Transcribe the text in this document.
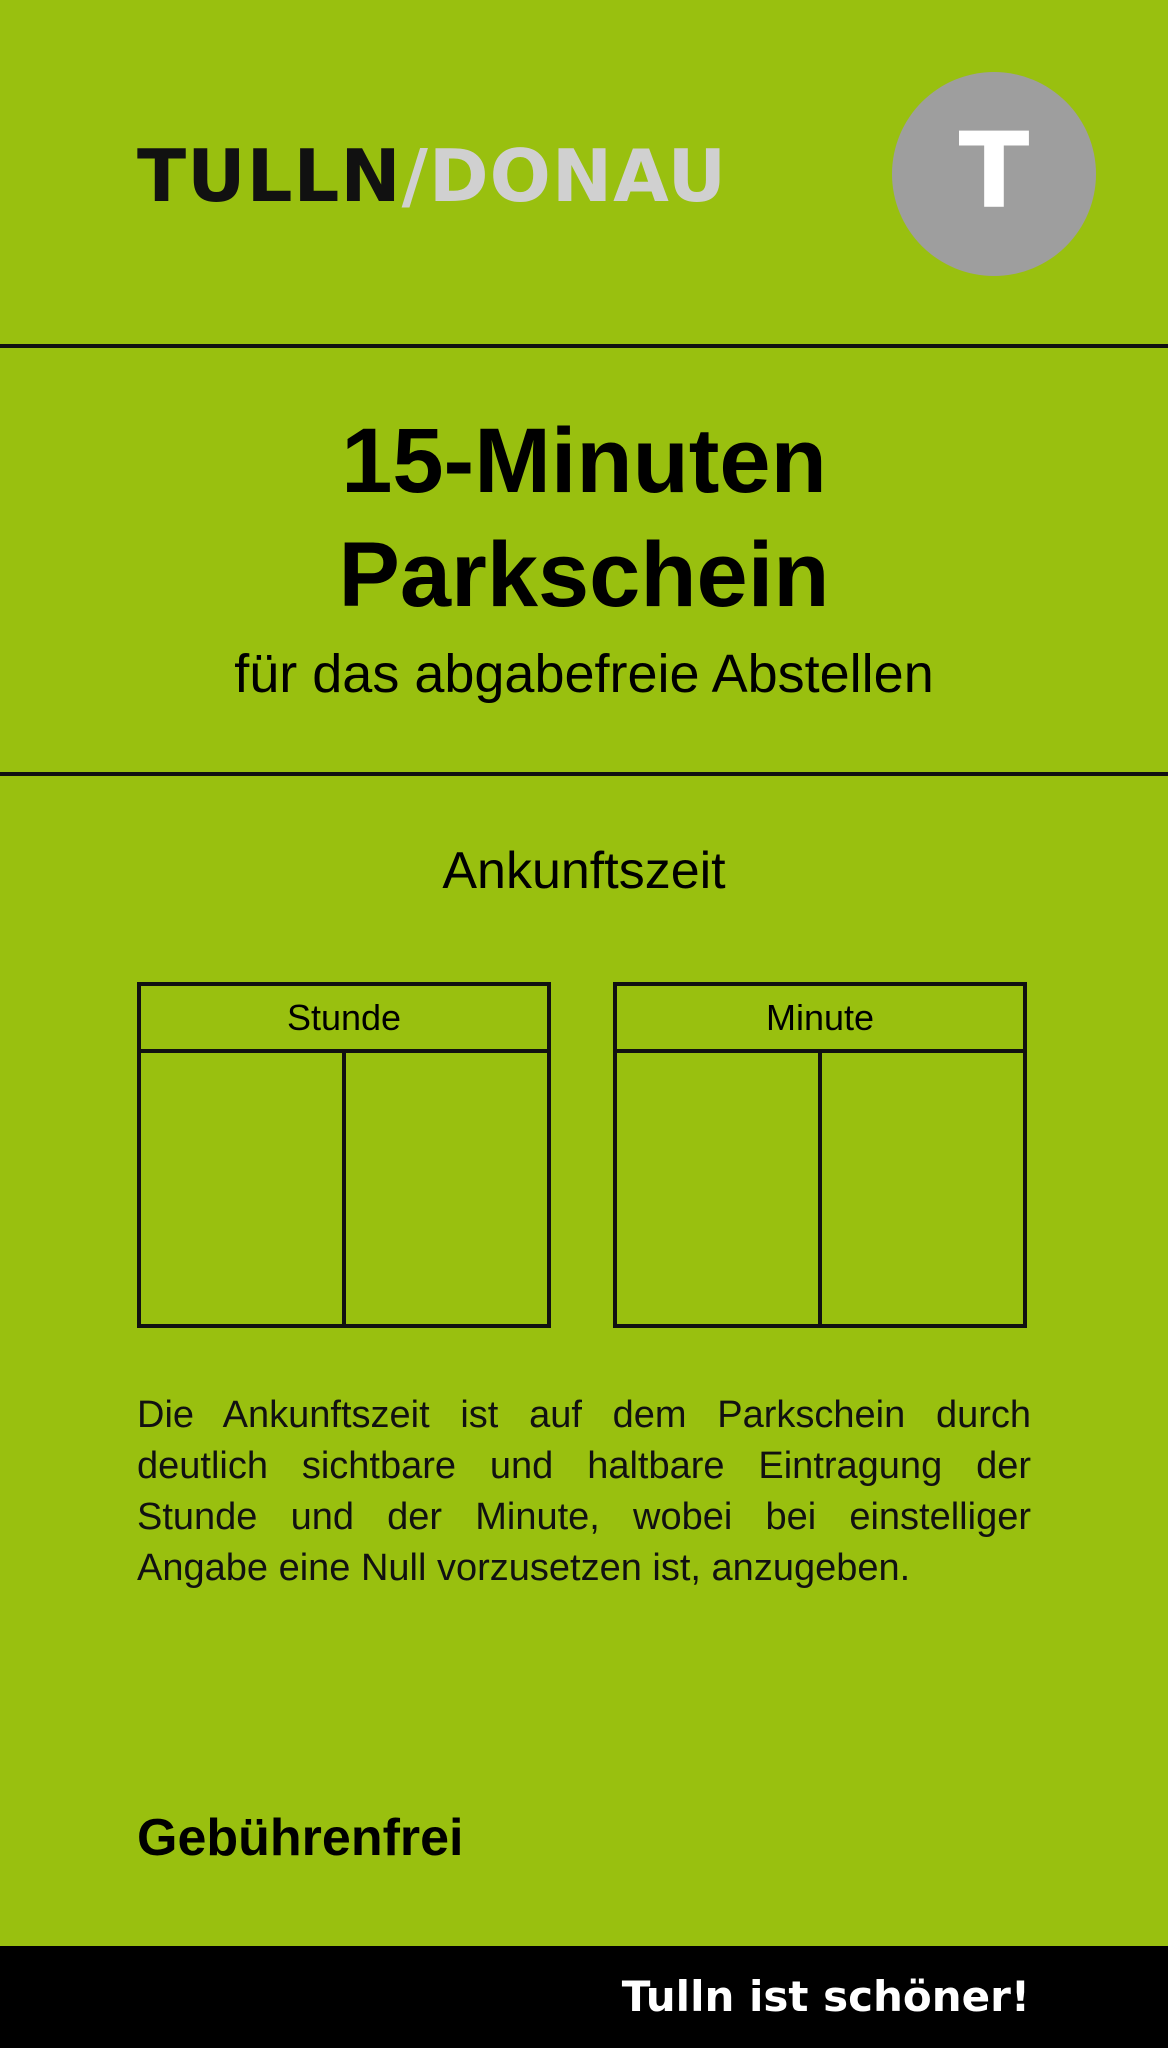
TULLN/DONAU T
15-Minuten
Parkschein
für das abgabefreie Abstellen
Ankunftszeit
Stunde	Minute
Die Ankunftszeit ist auf dem Parkschein durch deutlich sichtbare und haltbare Eintragung der Stunde und der Minute, wobei bei einstelliger Angabe eine Null vorzusetzen ist, anzugeben.
Gebührenfrei
Tulln ist schöner!
